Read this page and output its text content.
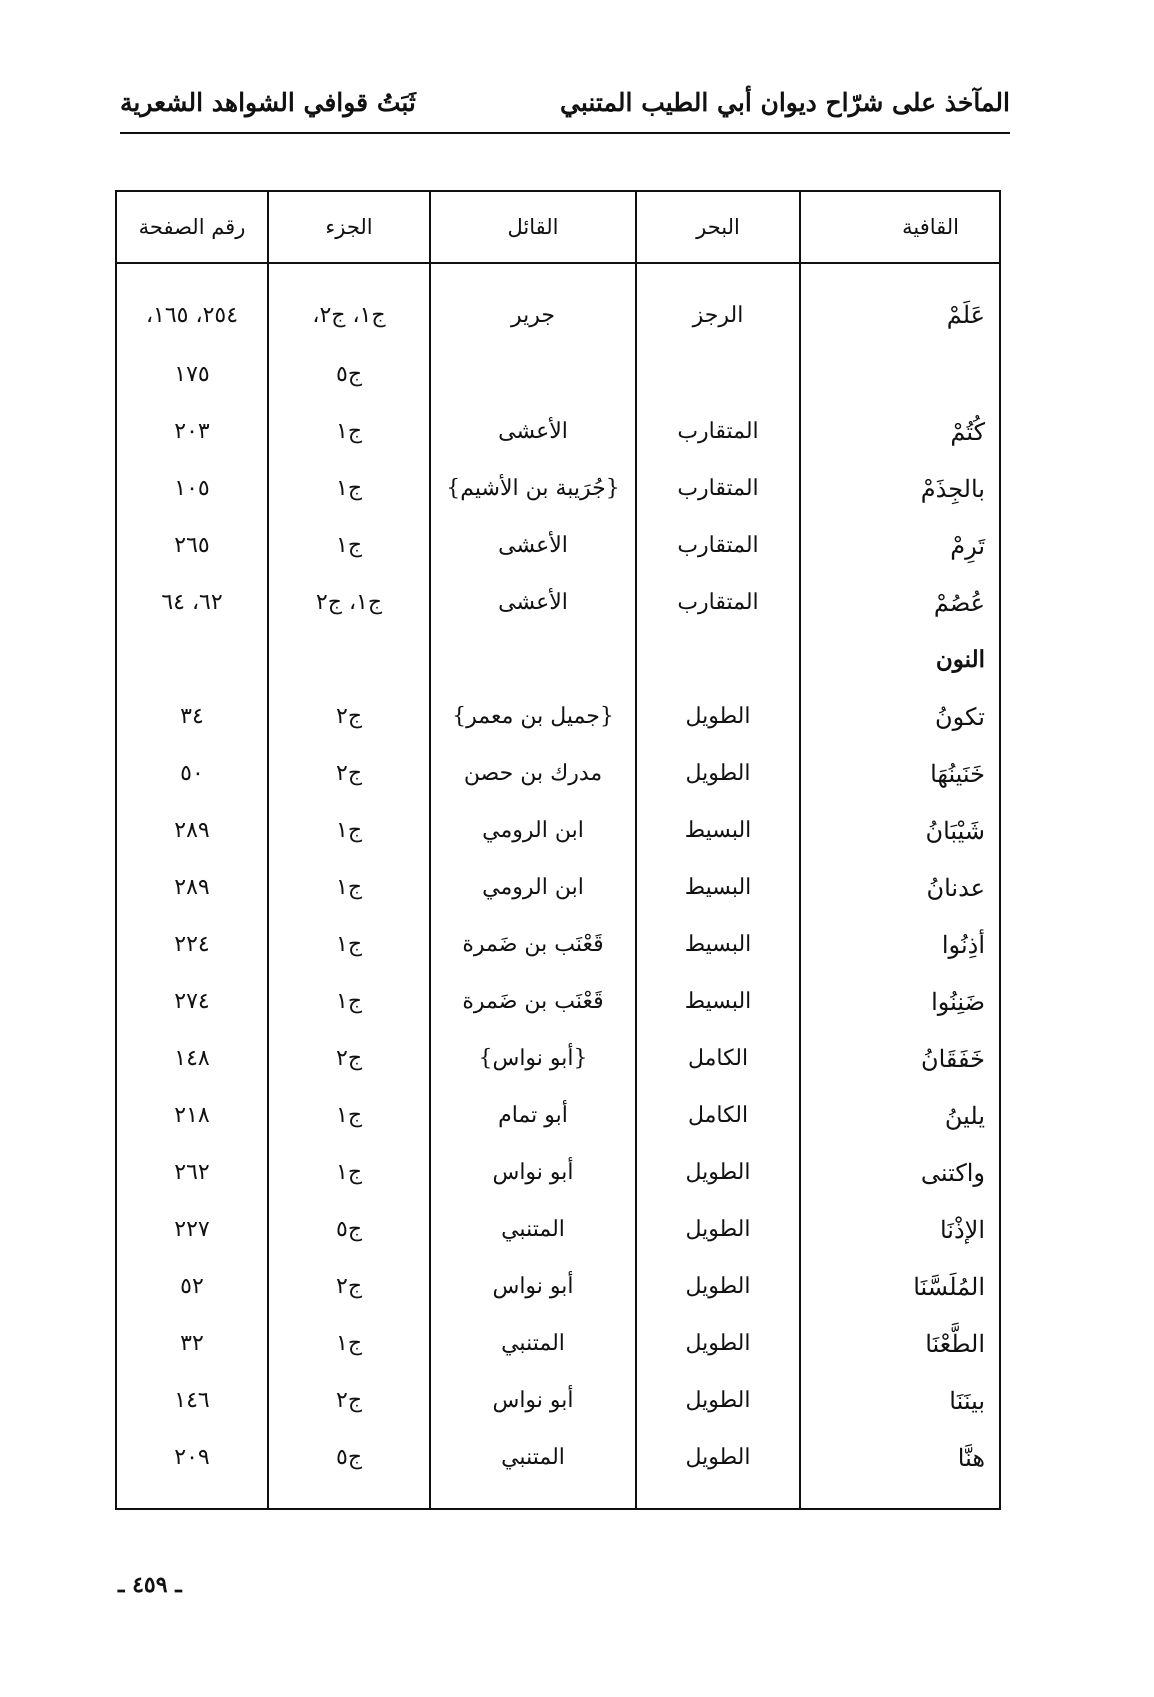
المآخذ على شرّاح ديوان أبي الطيب المتنبي
ثَبَتُ قوافي الشواهد الشعرية
القافية	البحر	القائل	الجزء	رقم الصفحة
عَلَمْ	الرجز	جرير	ج١، ج٢،	٢٥٤، ١٦٥،
			ج٥	١٧٥
كُتُمْ	المتقارب	الأعشى	ج١	٢٠٣
بالجِذَمْ	المتقارب	{جُرَيبة بن الأشيم}	ج١	١٠٥
تَرِمْ	المتقارب	الأعشى	ج١	٢٦٥
عُصُمْ	المتقارب	الأعشى	ج١، ج٢	٦٢، ٦٤
النون				
تكونُ	الطويل	{جميل بن معمر}	ج٢	٣٤
خَنَينُهَا	الطويل	مدرك بن حصن	ج٢	٥٠
شَيْبَانُ	البسيط	ابن الرومي	ج١	٢٨٩
عدنانُ	البسيط	ابن الرومي	ج١	٢٨٩
أذِنُوا	البسيط	قَعْنَب بن ضَمرة	ج١	٢٢٤
ضَنِنُوا	البسيط	قَعْنَب بن ضَمرة	ج١	٢٧٤
خَفَقَانُ	الكامل	{أبو نواس}	ج٢	١٤٨
يلينُ	الكامل	أبو تمام	ج١	٢١٨
واكتنى	الطويل	أبو نواس	ج١	٢٦٢
الإذْنَا	الطويل	المتنبي	ج٥	٢٢٧
المُلَسَّنَا	الطويل	أبو نواس	ج٢	٥٢
الطَّعْنَا	الطويل	المتنبي	ج١	٣٢
بينَنَا	الطويل	أبو نواس	ج٢	١٤٦
هنَّا	الطويل	المتنبي	ج٥	٢٠٩

ـ ٤٥٩ ـ
